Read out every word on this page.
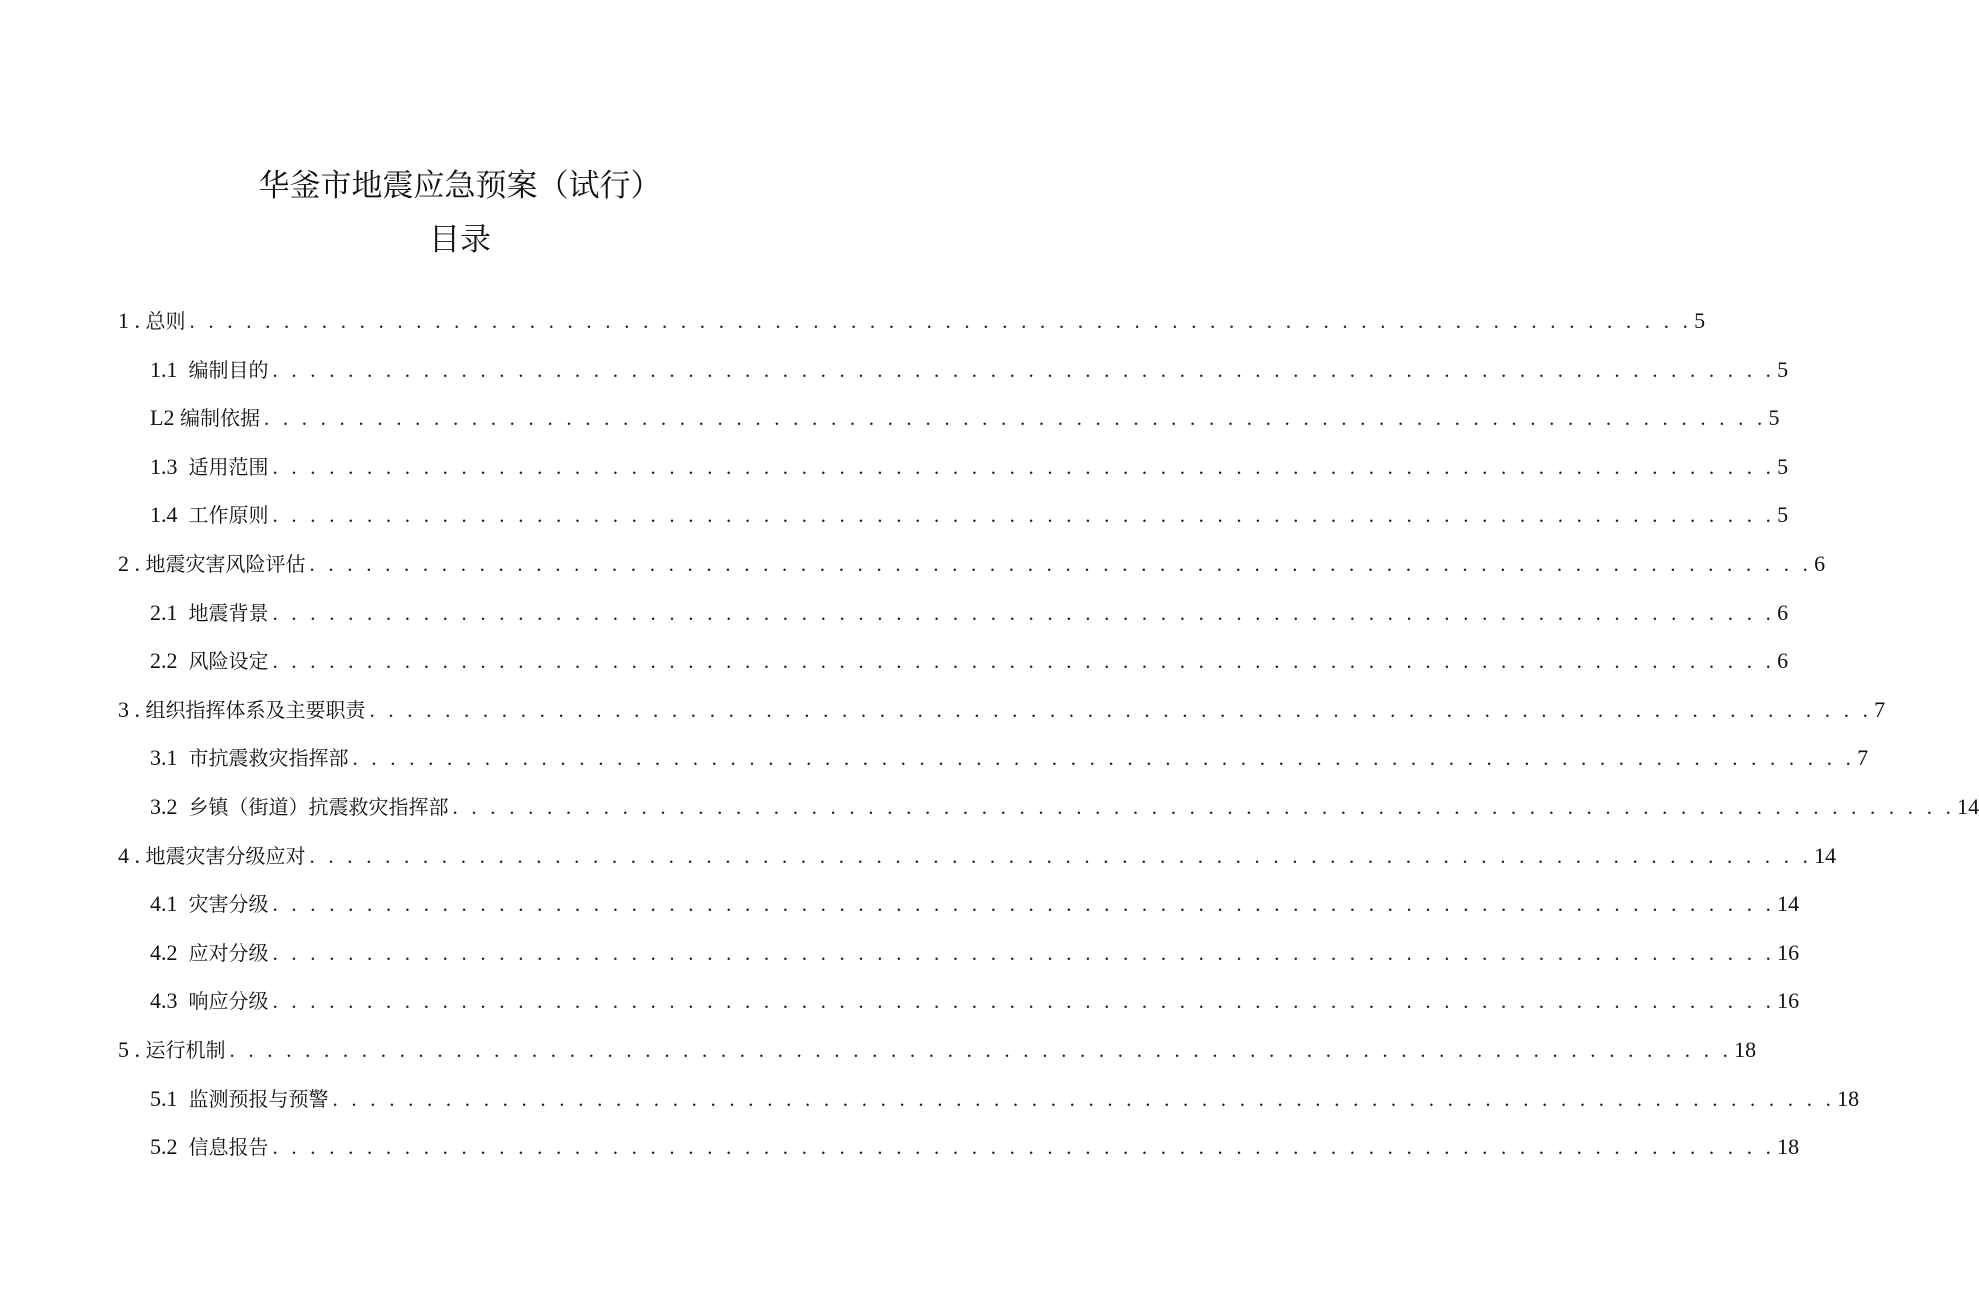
华釜市地震应急预案（试行）
目录
1 . 总则 . . . . . . . . . . . . . . . . . . . . . . . . . . . . . . . . . . . . . . . . . . . . . . . . . . . . . . . . . . . . . . . . . . . . . . . . . . . . . . . . 5
1.1 编制目的 . . . . . . . . . . . . . . . . . . . . . . . . . . . . . . . . . . . . . . . . . . . . . . . . . . . . . . . . . . . . . . . . . . . . . . . . . . . . . . . . 5
L2 编制依据 . . . . . . . . . . . . . . . . . . . . . . . . . . . . . . . . . . . . . . . . . . . . . . . . . . . . . . . . . . . . . . . . . . . . . . . . . . . . . . . . 5
1.3 适用范围 . . . . . . . . . . . . . . . . . . . . . . . . . . . . . . . . . . . . . . . . . . . . . . . . . . . . . . . . . . . . . . . . . . . . . . . . . . . . . . . . 5
1.4 工作原则 . . . . . . . . . . . . . . . . . . . . . . . . . . . . . . . . . . . . . . . . . . . . . . . . . . . . . . . . . . . . . . . . . . . . . . . . . . . . . . . . 5
2 . 地震灾害风险评估 . . . . . . . . . . . . . . . . . . . . . . . . . . . . . . . . . . . . . . . . . . . . . . . . . . . . . . . . . . . . . . . . . . . . . . . . . . . . . . . . 6
2.1 地震背景 . . . . . . . . . . . . . . . . . . . . . . . . . . . . . . . . . . . . . . . . . . . . . . . . . . . . . . . . . . . . . . . . . . . . . . . . . . . . . . . . 6
2.2 风险设定 . . . . . . . . . . . . . . . . . . . . . . . . . . . . . . . . . . . . . . . . . . . . . . . . . . . . . . . . . . . . . . . . . . . . . . . . . . . . . . . . 6
3 . 组织指挥体系及主要职责 . . . . . . . . . . . . . . . . . . . . . . . . . . . . . . . . . . . . . . . . . . . . . . . . . . . . . . . . . . . . . . . . . . . . . . . . . . . . . . . . 7
3.1 市抗震救灾指挥部 . . . . . . . . . . . . . . . . . . . . . . . . . . . . . . . . . . . . . . . . . . . . . . . . . . . . . . . . . . . . . . . . . . . . . . . . . . . . . . . . 7
3.2 乡镇（街道）抗震救灾指挥部 . . . . . . . . . . . . . . . . . . . . . . . . . . . . . . . . . . . . . . . . . . . . . . . . . . . . . . . . . . . . . . . . . . . . . . . . . . . . . . . . 14
4 . 地震灾害分级应对 . . . . . . . . . . . . . . . . . . . . . . . . . . . . . . . . . . . . . . . . . . . . . . . . . . . . . . . . . . . . . . . . . . . . . . . . . . . . . . . . 14
4.1 灾害分级 . . . . . . . . . . . . . . . . . . . . . . . . . . . . . . . . . . . . . . . . . . . . . . . . . . . . . . . . . . . . . . . . . . . . . . . . . . . . . . . . 14
4.2 应对分级 . . . . . . . . . . . . . . . . . . . . . . . . . . . . . . . . . . . . . . . . . . . . . . . . . . . . . . . . . . . . . . . . . . . . . . . . . . . . . . . . 16
4.3 响应分级 . . . . . . . . . . . . . . . . . . . . . . . . . . . . . . . . . . . . . . . . . . . . . . . . . . . . . . . . . . . . . . . . . . . . . . . . . . . . . . . . 16
5 . 运行机制 . . . . . . . . . . . . . . . . . . . . . . . . . . . . . . . . . . . . . . . . . . . . . . . . . . . . . . . . . . . . . . . . . . . . . . . . . . . . . . . . 18
5.1 监测预报与预警 . . . . . . . . . . . . . . . . . . . . . . . . . . . . . . . . . . . . . . . . . . . . . . . . . . . . . . . . . . . . . . . . . . . . . . . . . . . . . . . . 18
5.2 信息报告 . . . . . . . . . . . . . . . . . . . . . . . . . . . . . . . . . . . . . . . . . . . . . . . . . . . . . . . . . . . . . . . . . . . . . . . . . . . . . . . . 18
